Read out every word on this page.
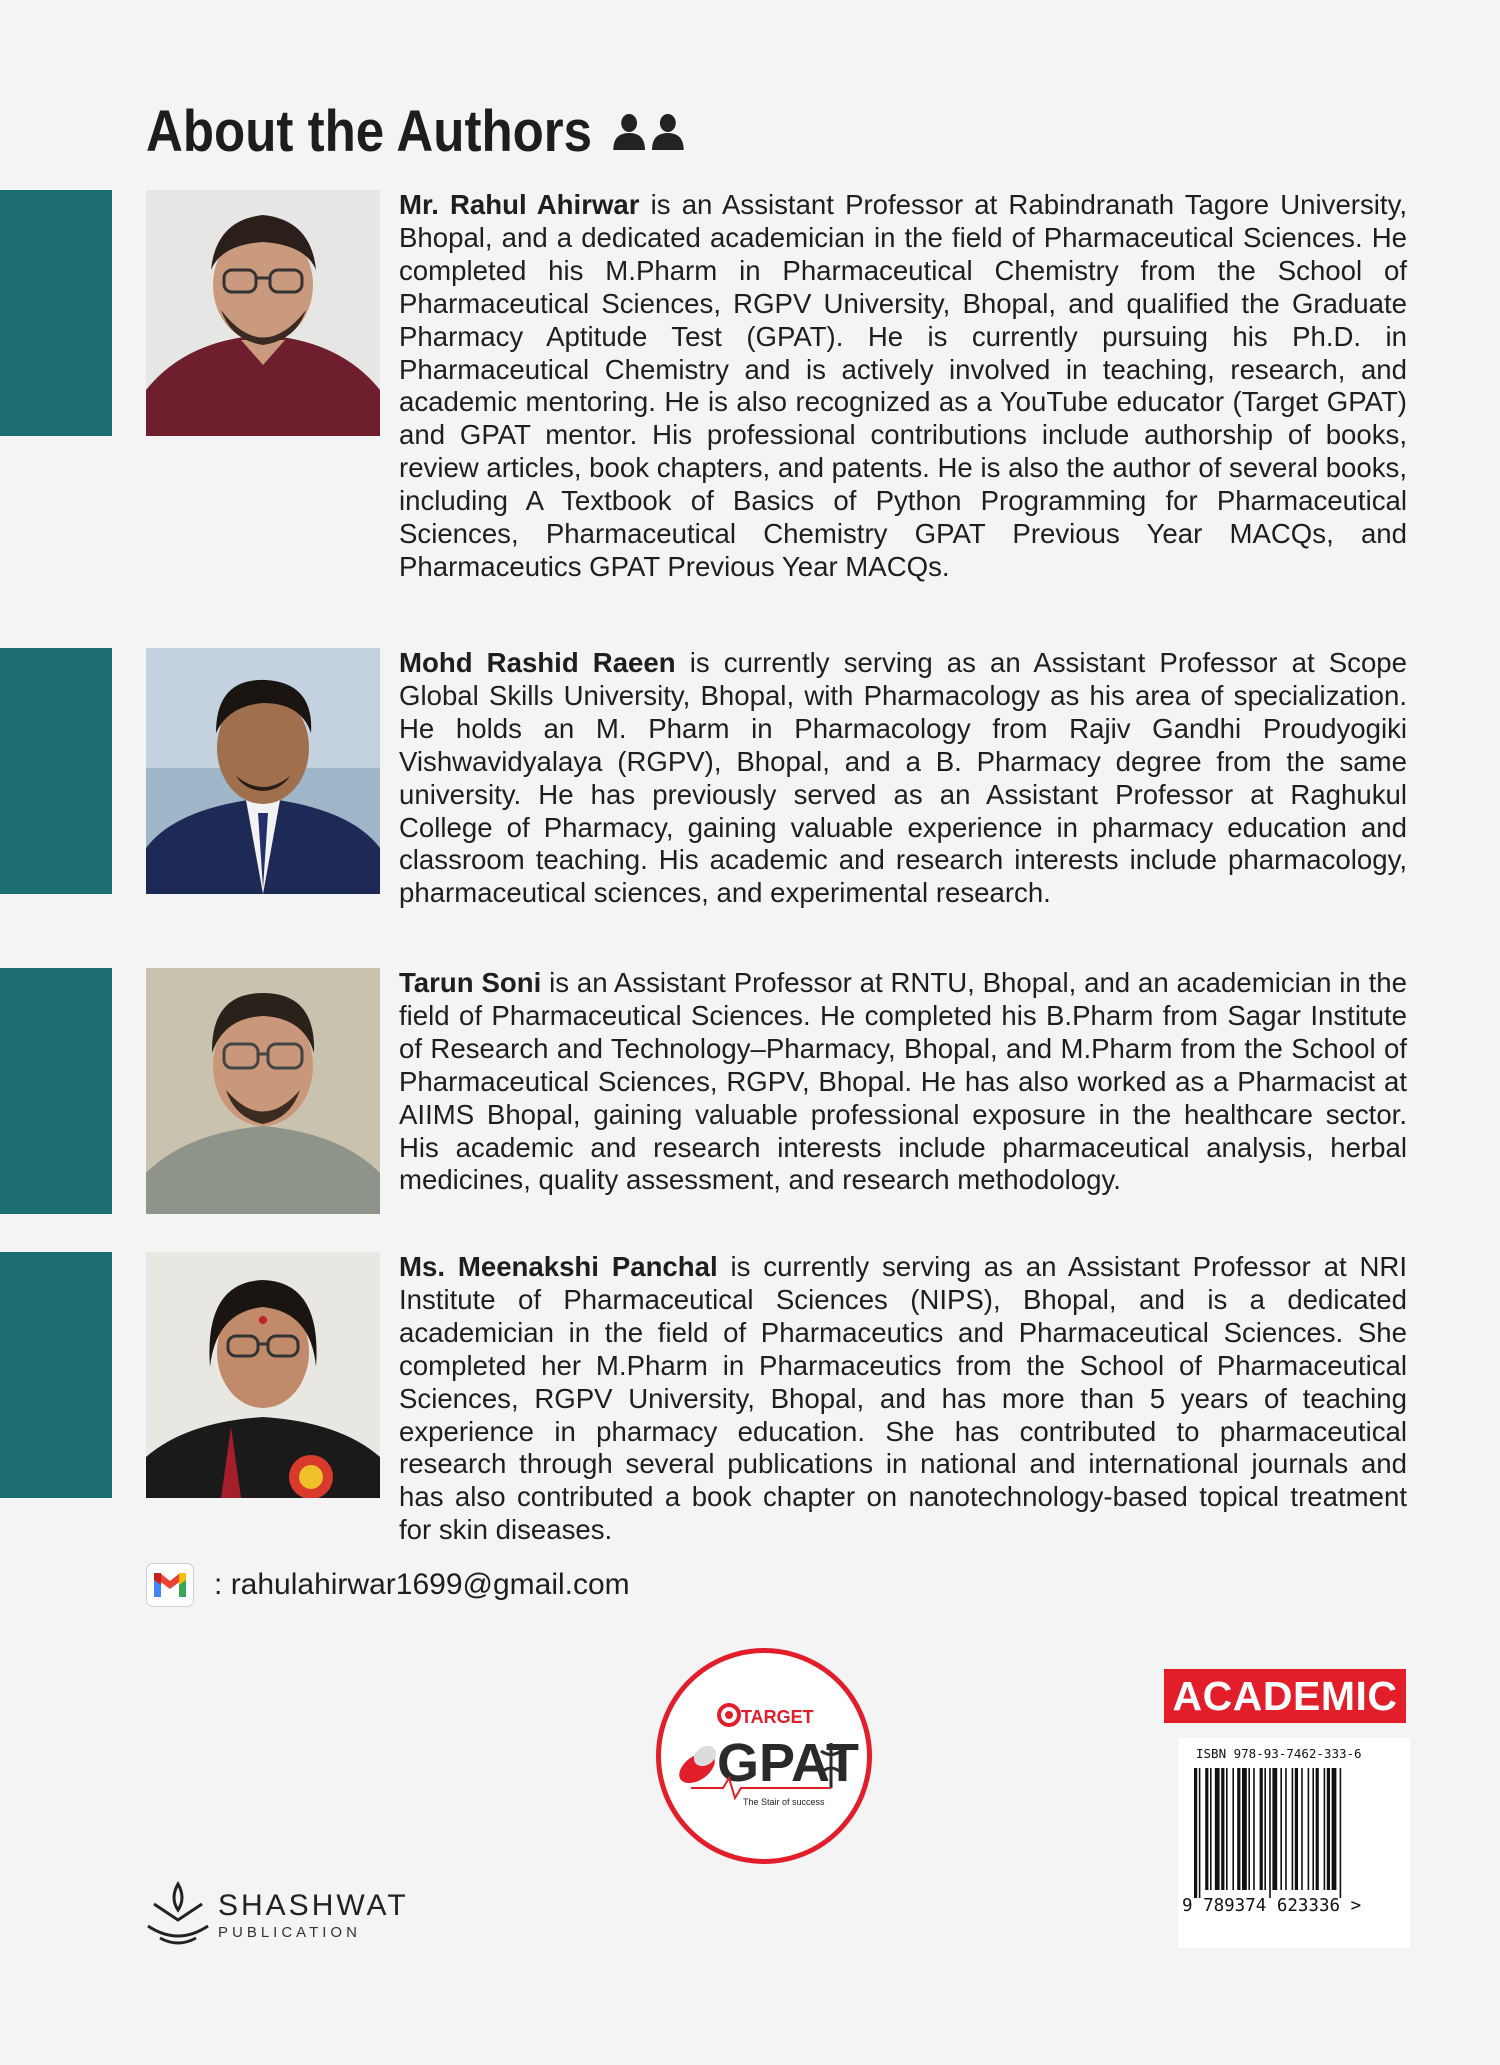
About the Authors

Mr. Rahul Ahirwar is an Assistant Professor at Rabindranath Tagore University, Bhopal, and a dedicated academician in the field of Pharmaceutical Sciences. He completed his M.Pharm in Pharmaceutical Chemistry from the School of Pharmaceutical Sciences, RGPV University, Bhopal, and qualified the Graduate Pharmacy Aptitude Test (GPAT). He is currently pursuing his Ph.D. in Pharmaceutical Chemistry and is actively involved in teaching, research, and academic mentoring. He is also recognized as a YouTube educator (Target GPAT) and GPAT mentor. His professional contributions include authorship of books, review articles, book chapters, and patents. He is also the author of several books, including A Textbook of Basics of Python Programming for Pharmaceutical Sciences, Pharmaceutical Chemistry GPAT Previous Year MACQs, and Pharmaceutics GPAT Previous Year MACQs.

Mohd Rashid Raeen is currently serving as an Assistant Professor at Scope Global Skills University, Bhopal, with Pharmacology as his area of specialization. He holds an M. Pharm in Pharmacology from Rajiv Gandhi Proudyogiki Vishwavidyalaya (RGPV), Bhopal, and a B. Pharmacy degree from the same university. He has previously served as an Assistant Professor at Raghukul College of Pharmacy, gaining valuable experience in pharmacy education and classroom teaching. His academic and research interests include pharmacology, pharmaceutical sciences, and experimental research.

Tarun Soni is an Assistant Professor at RNTU, Bhopal, and an academician in the field of Pharmaceutical Sciences. He completed his B.Pharm from Sagar Institute of Research and Technology–Pharmacy, Bhopal, and M.Pharm from the School of Pharmaceutical Sciences, RGPV, Bhopal. He has also worked as a Pharmacist at AIIMS Bhopal, gaining valuable professional exposure in the healthcare sector. His academic and research interests include pharmaceutical analysis, herbal medicines, quality assessment, and research methodology.

Ms. Meenakshi Panchal is currently serving as an Assistant Professor at NRI Institute of Pharmaceutical Sciences (NIPS), Bhopal, and is a dedicated academician in the field of Pharmaceutics and Pharmaceutical Sciences. She completed her M.Pharm in Pharmaceutics from the School of Pharmaceutical Sciences, RGPV University, Bhopal, and has more than 5 years of teaching experience in pharmacy education. She has contributed to pharmaceutical research through several publications in national and international journals and has also contributed a book chapter on nanotechnology-based topical treatment for skin diseases.

: rahulahirwar1699@gmail.com
TARGET
GPAT
The Stair of success
ACADEMIC
ISBN 978-93-7462-333-6
9 789374 623336 >
SHASHWAT
PUBLICATION
